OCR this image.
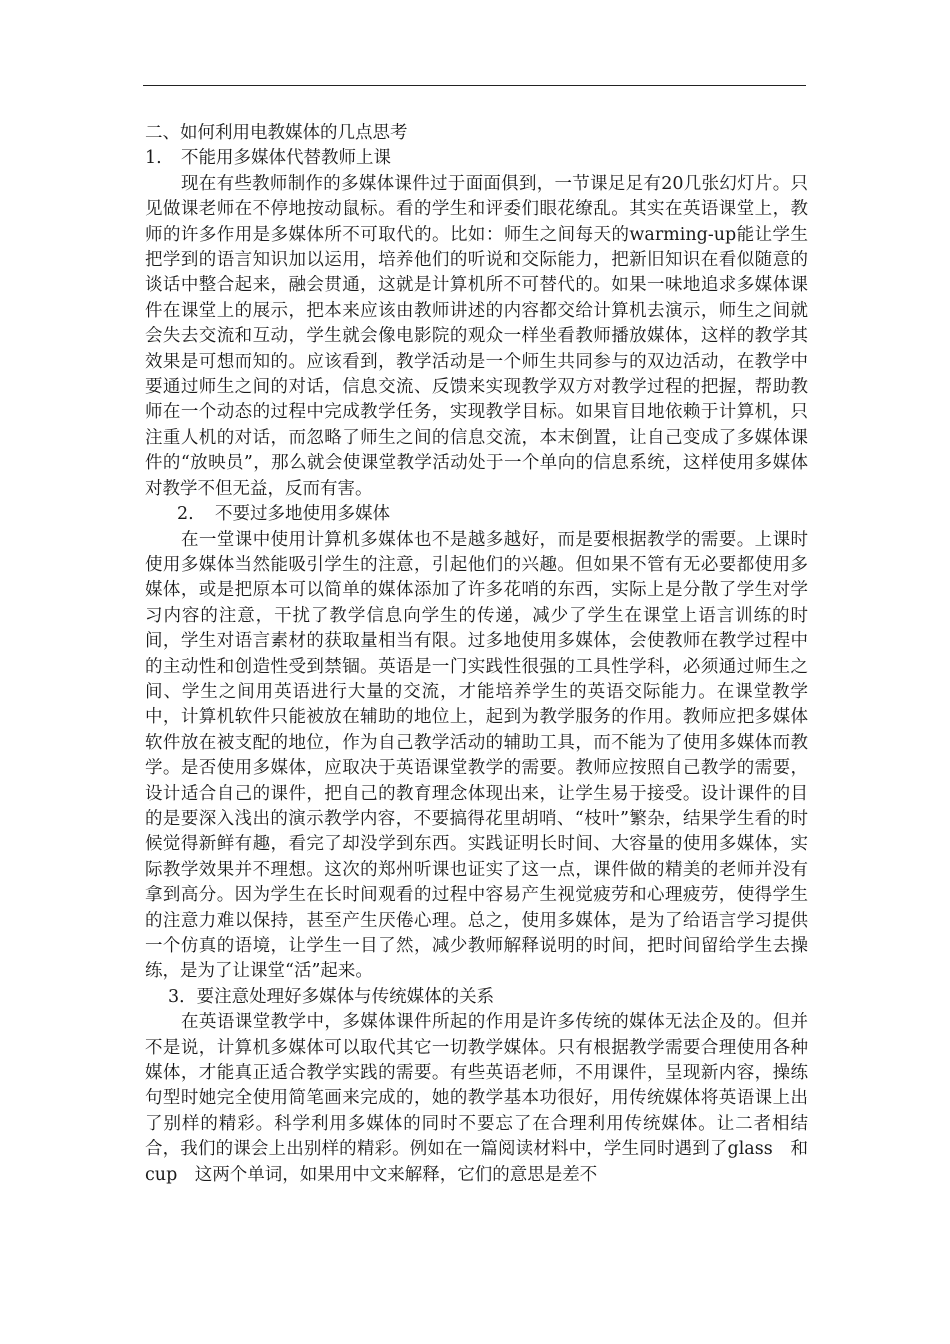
二、如何利用电教媒体的几点思考

1. 不能用多媒体代替教师上课

现在有些教师制作的多媒体课件过于面面俱到，一节课足足有20几张幻灯片。只见做课老师在不停地按动鼠标。看的学生和评委们眼花缭乱。其实在英语课堂上，教师的许多作用是多媒体所不可取代的。比如：师生之间每天的warming-up能让学生把学到的语言知识加以运用，培养他们的听说和交际能力，把新旧知识在看似随意的谈话中整合起来，融会贯通，这就是计算机所不可替代的。如果一味地追求多媒体课件在课堂上的展示，把本来应该由教师讲述的内容都交给计算机去演示，师生之间就会失去交流和互动，学生就会像电影院的观众一样坐看教师播放媒体，这样的教学其效果是可想而知的。应该看到，教学活动是一个师生共同参与的双边活动，在教学中要通过师生之间的对话，信息交流、反馈来实现教学双方对教学过程的把握，帮助教师在一个动态的过程中完成教学任务，实现教学目标。如果盲目地依赖于计算机，只注重人机的对话，而忽略了师生之间的信息交流，本末倒置，让自己变成了多媒体课件的“放映员”，那么就会使课堂教学活动处于一个单向的信息系统，这样使用多媒体对教学不但无益，反而有害。

2. 不要过多地使用多媒体

在一堂课中使用计算机多媒体也不是越多越好，而是要根据教学的需要。上课时使用多媒体当然能吸引学生的注意，引起他们的兴趣。但如果不管有无必要都使用多媒体，或是把原本可以简单的媒体添加了许多花哨的东西，实际上是分散了学生对学习内容的注意，干扰了教学信息向学生的传递，减少了学生在课堂上语言训练的时间，学生对语言素材的获取量相当有限。过多地使用多媒体，会使教师在教学过程中的主动性和创造性受到禁锢。英语是一门实践性很强的工具性学科，必须通过师生之间、学生之间用英语进行大量的交流，才能培养学生的英语交际能力。在课堂教学中，计算机软件只能被放在辅助的地位上，起到为教学服务的作用。教师应把多媒体软件放在被支配的地位，作为自己教学活动的辅助工具，而不能为了使用多媒体而教学。是否使用多媒体，应取决于英语课堂教学的需要。教师应按照自己教学的需要，设计适合自己的课件，把自己的教育理念体现出来，让学生易于接受。设计课件的目的是要深入浅出的演示教学内容，不要搞得花里胡哨、“枝叶”繁杂，结果学生看的时候觉得新鲜有趣，看完了却没学到东西。实践证明长时间、大容量的使用多媒体，实际教学效果并不理想。这次的郑州听课也证实了这一点，课件做的精美的老师并没有拿到高分。因为学生在长时间观看的过程中容易产生视觉疲劳和心理疲劳，使得学生的注意力难以保持，甚至产生厌倦心理。总之，使用多媒体，是为了给语言学习提供一个仿真的语境，让学生一目了然，减少教师解释说明的时间，把时间留给学生去操练，是为了让课堂“活”起来。

3．要注意处理好多媒体与传统媒体的关系

在英语课堂教学中，多媒体课件所起的作用是许多传统的媒体无法企及的。但并不是说，计算机多媒体可以取代其它一切教学媒体。只有根据教学需要合理使用各种媒体，才能真正适合教学实践的需要。有些英语老师，不用课件，呈现新内容，操练句型时她完全使用简笔画来完成的，她的教学基本功很好，用传统媒体将英语课上出了别样的精彩。科学利用多媒体的同时不要忘了在合理利用传统媒体。让二者相结合，我们的课会上出别样的精彩。例如在一篇阅读材料中，学生同时遇到了glass　和cup　这两个单词，如果用中文来解释，它们的意思是差不
